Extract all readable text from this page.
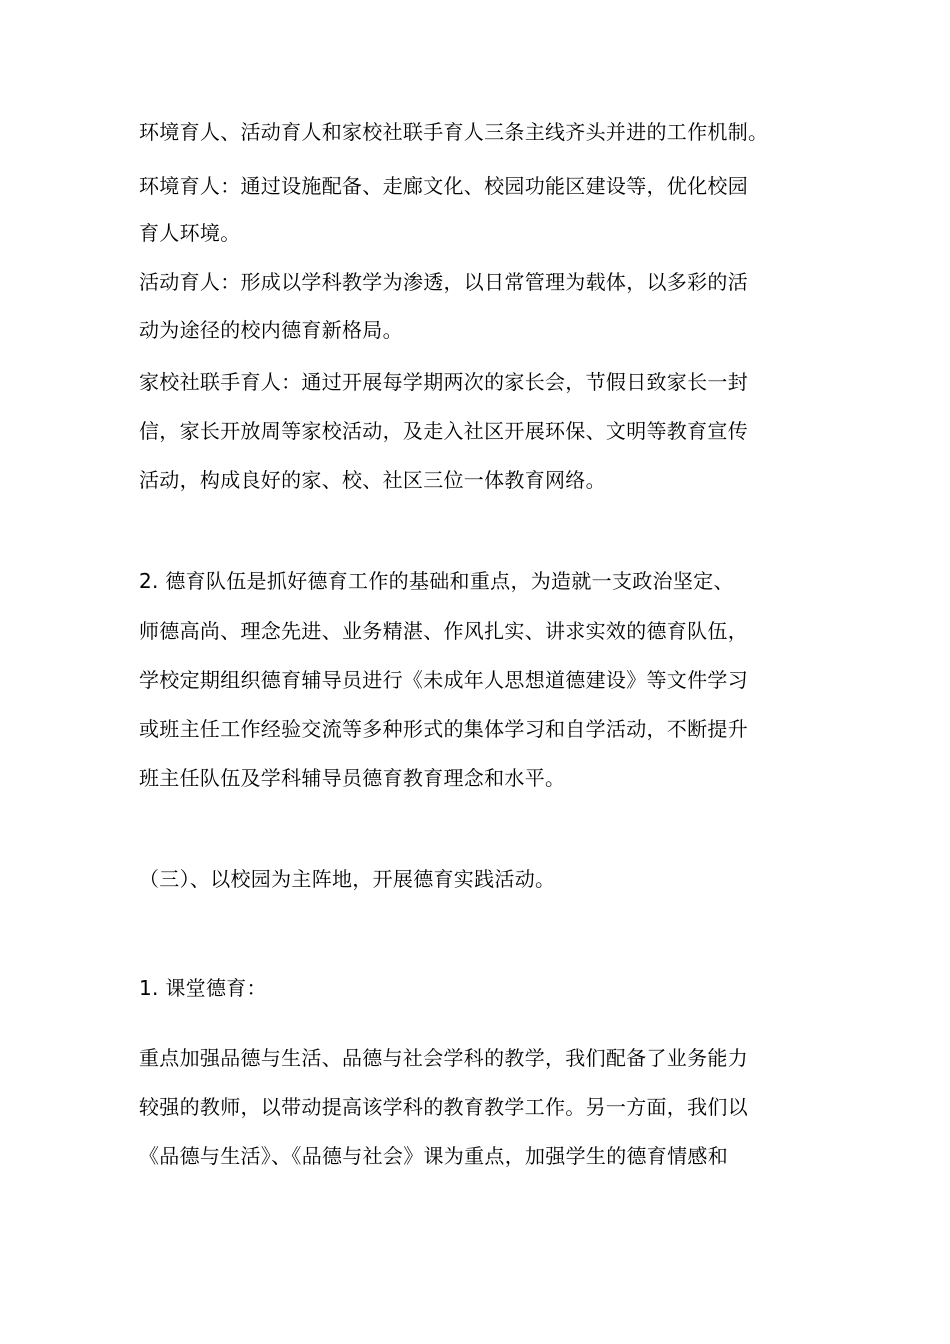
环境育人、活动育人和家校社联手育人三条主线齐头并进的工作机制。
环境育人：通过设施配备、走廊文化、校园功能区建设等，优化校园
育人环境。
活动育人：形成以学科教学为渗透，以日常管理为载体，以多彩的活
动为途径的校内德育新格局。
家校社联手育人：通过开展每学期两次的家长会，节假日致家长一封
信，家长开放周等家校活动，及走入社区开展环保、文明等教育宣传
活动，构成良好的家、校、社区三位一体教育网络。
2. 德育队伍是抓好德育工作的基础和重点，为造就一支政治坚定、
师德高尚、理念先进、业务精湛、作风扎实、讲求实效的德育队伍，
学校定期组织德育辅导员进行《未成年人思想道德建设》等文件学习
或班主任工作经验交流等多种形式的集体学习和自学活动，不断提升
班主任队伍及学科辅导员德育教育理念和水平。
（三）、以校园为主阵地，开展德育实践活动。
1. 课堂德育：
重点加强品德与生活、品德与社会学科的教学，我们配备了业务能力
较强的教师，以带动提高该学科的教育教学工作。另一方面，我们以
《品德与生活》、《品德与社会》课为重点，加强学生的德育情感和
